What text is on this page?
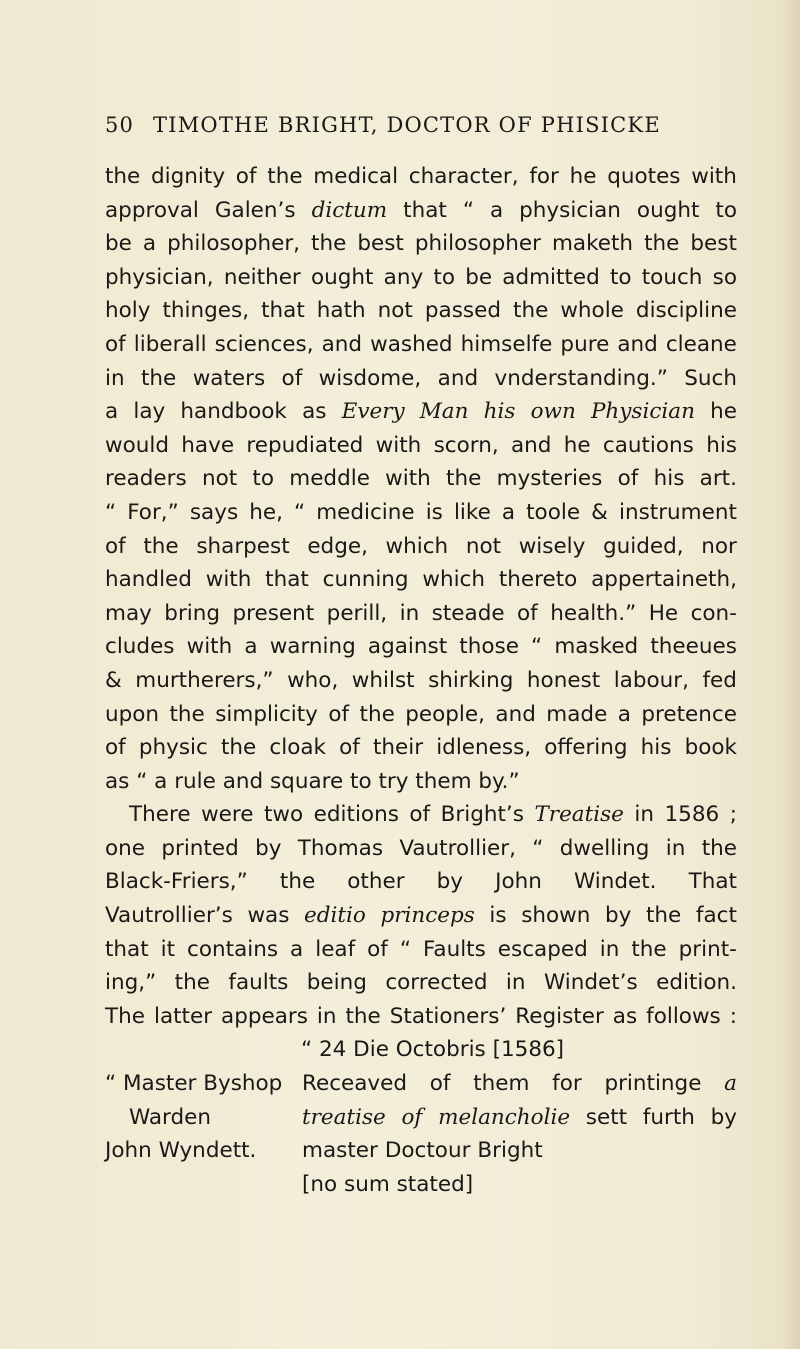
50 TIMOTHE BRIGHT, DOCTOR OF PHISICKE
the dignity of the medical character, for he quotes with
approval Galen’s dictum that “ a physician ought to
be a philosopher, the best philosopher maketh the best
physician, neither ought any to be admitted to touch so
holy thinges, that hath not passed the whole discipline
of liberall sciences, and washed himselfe pure and cleane
in the waters of wisdome, and vnderstanding.” Such
a lay handbook as Every Man his own Physician he
would have repudiated with scorn, and he cautions his
readers not to meddle with the mysteries of his art.
“ For,” says he, “ medicine is like a toole & instrument
of the sharpest edge, which not wisely guided, nor
handled with that cunning which thereto appertaineth,
may bring present perill, in steade of health.” He con-
cludes with a warning against those “ masked theeues
& murtherers,” who, whilst shirking honest labour, fed
upon the simplicity of the people, and made a pretence
of physic the cloak of their idleness, offering his book
as “ a rule and square to try them by.”
There were two editions of Bright’s Treatise in 1586 ;
one printed by Thomas Vautrollier, “ dwelling in the
Black-Friers,” the other by John Windet. That
Vautrollier’s was editio princeps is shown by the fact
that it contains a leaf of “ Faults escaped in the print-
ing,” the faults being corrected in Windet’s edition.
The latter appears in the Stationers’ Register as follows :
“ 24 Die Octobris [1586]
“ Master Byshop Receaved of them for printinge a
Warden	treatise of melancholie sett furth by
John Wyndett. master Doctour Bright
[no sum stated]
